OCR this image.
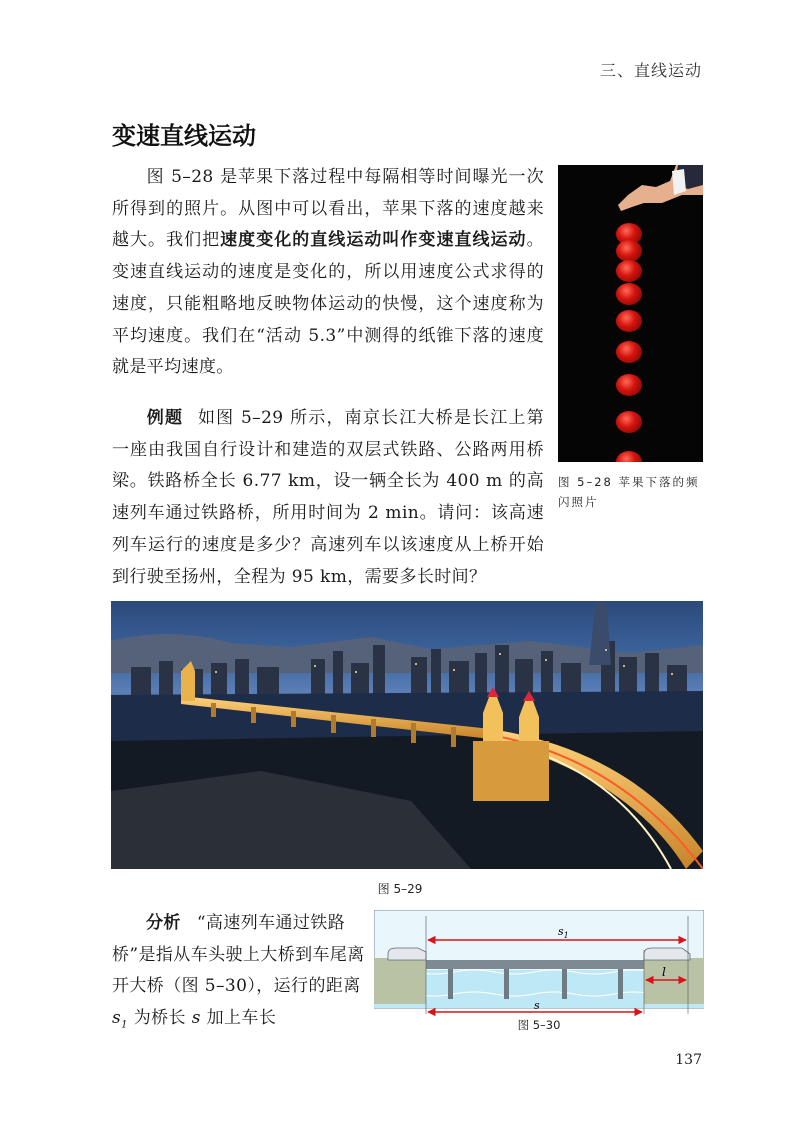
三、直线运动
变速直线运动
图 5–28 是苹果下落过程中每隔相等时间曝光一次所得到的照片。从图中可以看出，苹果下落的速度越来越大。我们把速度变化的直线运动叫作变速直线运动。变速直线运动的速度是变化的，所以用速度公式求得的速度，只能粗略地反映物体运动的快慢，这个速度称为平均速度。我们在“活动 5.3”中测得的纸锥下落的速度就是平均速度。
例题 如图 5–29 所示，南京长江大桥是长江上第一座由我国自行设计和建造的双层式铁路、公路两用桥梁。铁路桥全长 6.77 km，设一辆全长为 400 m 的高速列车通过铁路桥，所用时间为 2 min。请问：该高速列车运行的速度是多少？高速列车以该速度从上桥开始到行驶至扬州，全程为 95 km，需要多长时间？
图 5–28 苹果下落的频闪照片
图 5–29
分析 “高速列车通过铁路桥”是指从车头驶上大桥到车尾离开大桥（图 5–30），运行的距离 $s_1$ 为桥长 s 加上车长
$s_1$
l
s
图 5–30
137
